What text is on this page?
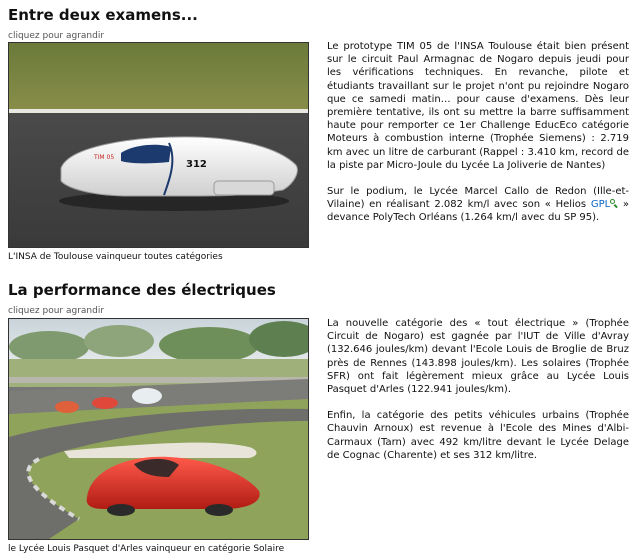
Entre deux examens...
cliquez pour agrandir
312
TIM 05
L'INSA de Toulouse vainqueur toutes catégories

Le prototype TIM 05 de l'INSA Toulouse était bien présent sur le circuit Paul Armagnac de Nogaro depuis jeudi pour les vérifications techniques. En revanche, pilote et étudiants travaillant sur le projet n'ont pu rejoindre Nogaro que ce samedi matin… pour cause d'examens. Dès leur première tentative, ils ont su mettre la barre suffisamment haute pour remporter ce 1er Challenge EducEco catégorie Moteurs à combustion interne (Trophée Siemens) : 2.719 km avec un litre de carburant (Rappel : 3.410 km, record de la piste par Micro-Joule du Lycée La Joliverie de Nantes)

Sur le podium, le Lycée Marcel Callo de Redon (Ille-et-Vilaine) en réalisant 2.082 km/l avec son « Helios GPL
» devance PolyTech Orléans (1.264 km/l avec du SP 95).

La performance des électriques
cliquez pour agrandir
le Lycée Louis Pasquet d'Arles vainqueur en catégorie Solaire

La nouvelle catégorie des « tout électrique » (Trophée Circuit de Nogaro) est gagnée par l'IUT de Ville d'Avray (132.646 joules/km) devant l'Ecole Louis de Broglie de Bruz près de Rennes (143.898 joules/km). Les solaires (Trophée SFR) ont fait légèrement mieux grâce au Lycée Louis Pasquet d'Arles (122.941 joules/km).

Enfin, la catégorie des petits véhicules urbains (Trophée Chauvin Arnoux) est revenue à l'Ecole des Mines d'Albi-Carmaux (Tarn) avec 492 km/litre devant le Lycée Delage de Cognac (Charente) et ses 312 km/litre.
